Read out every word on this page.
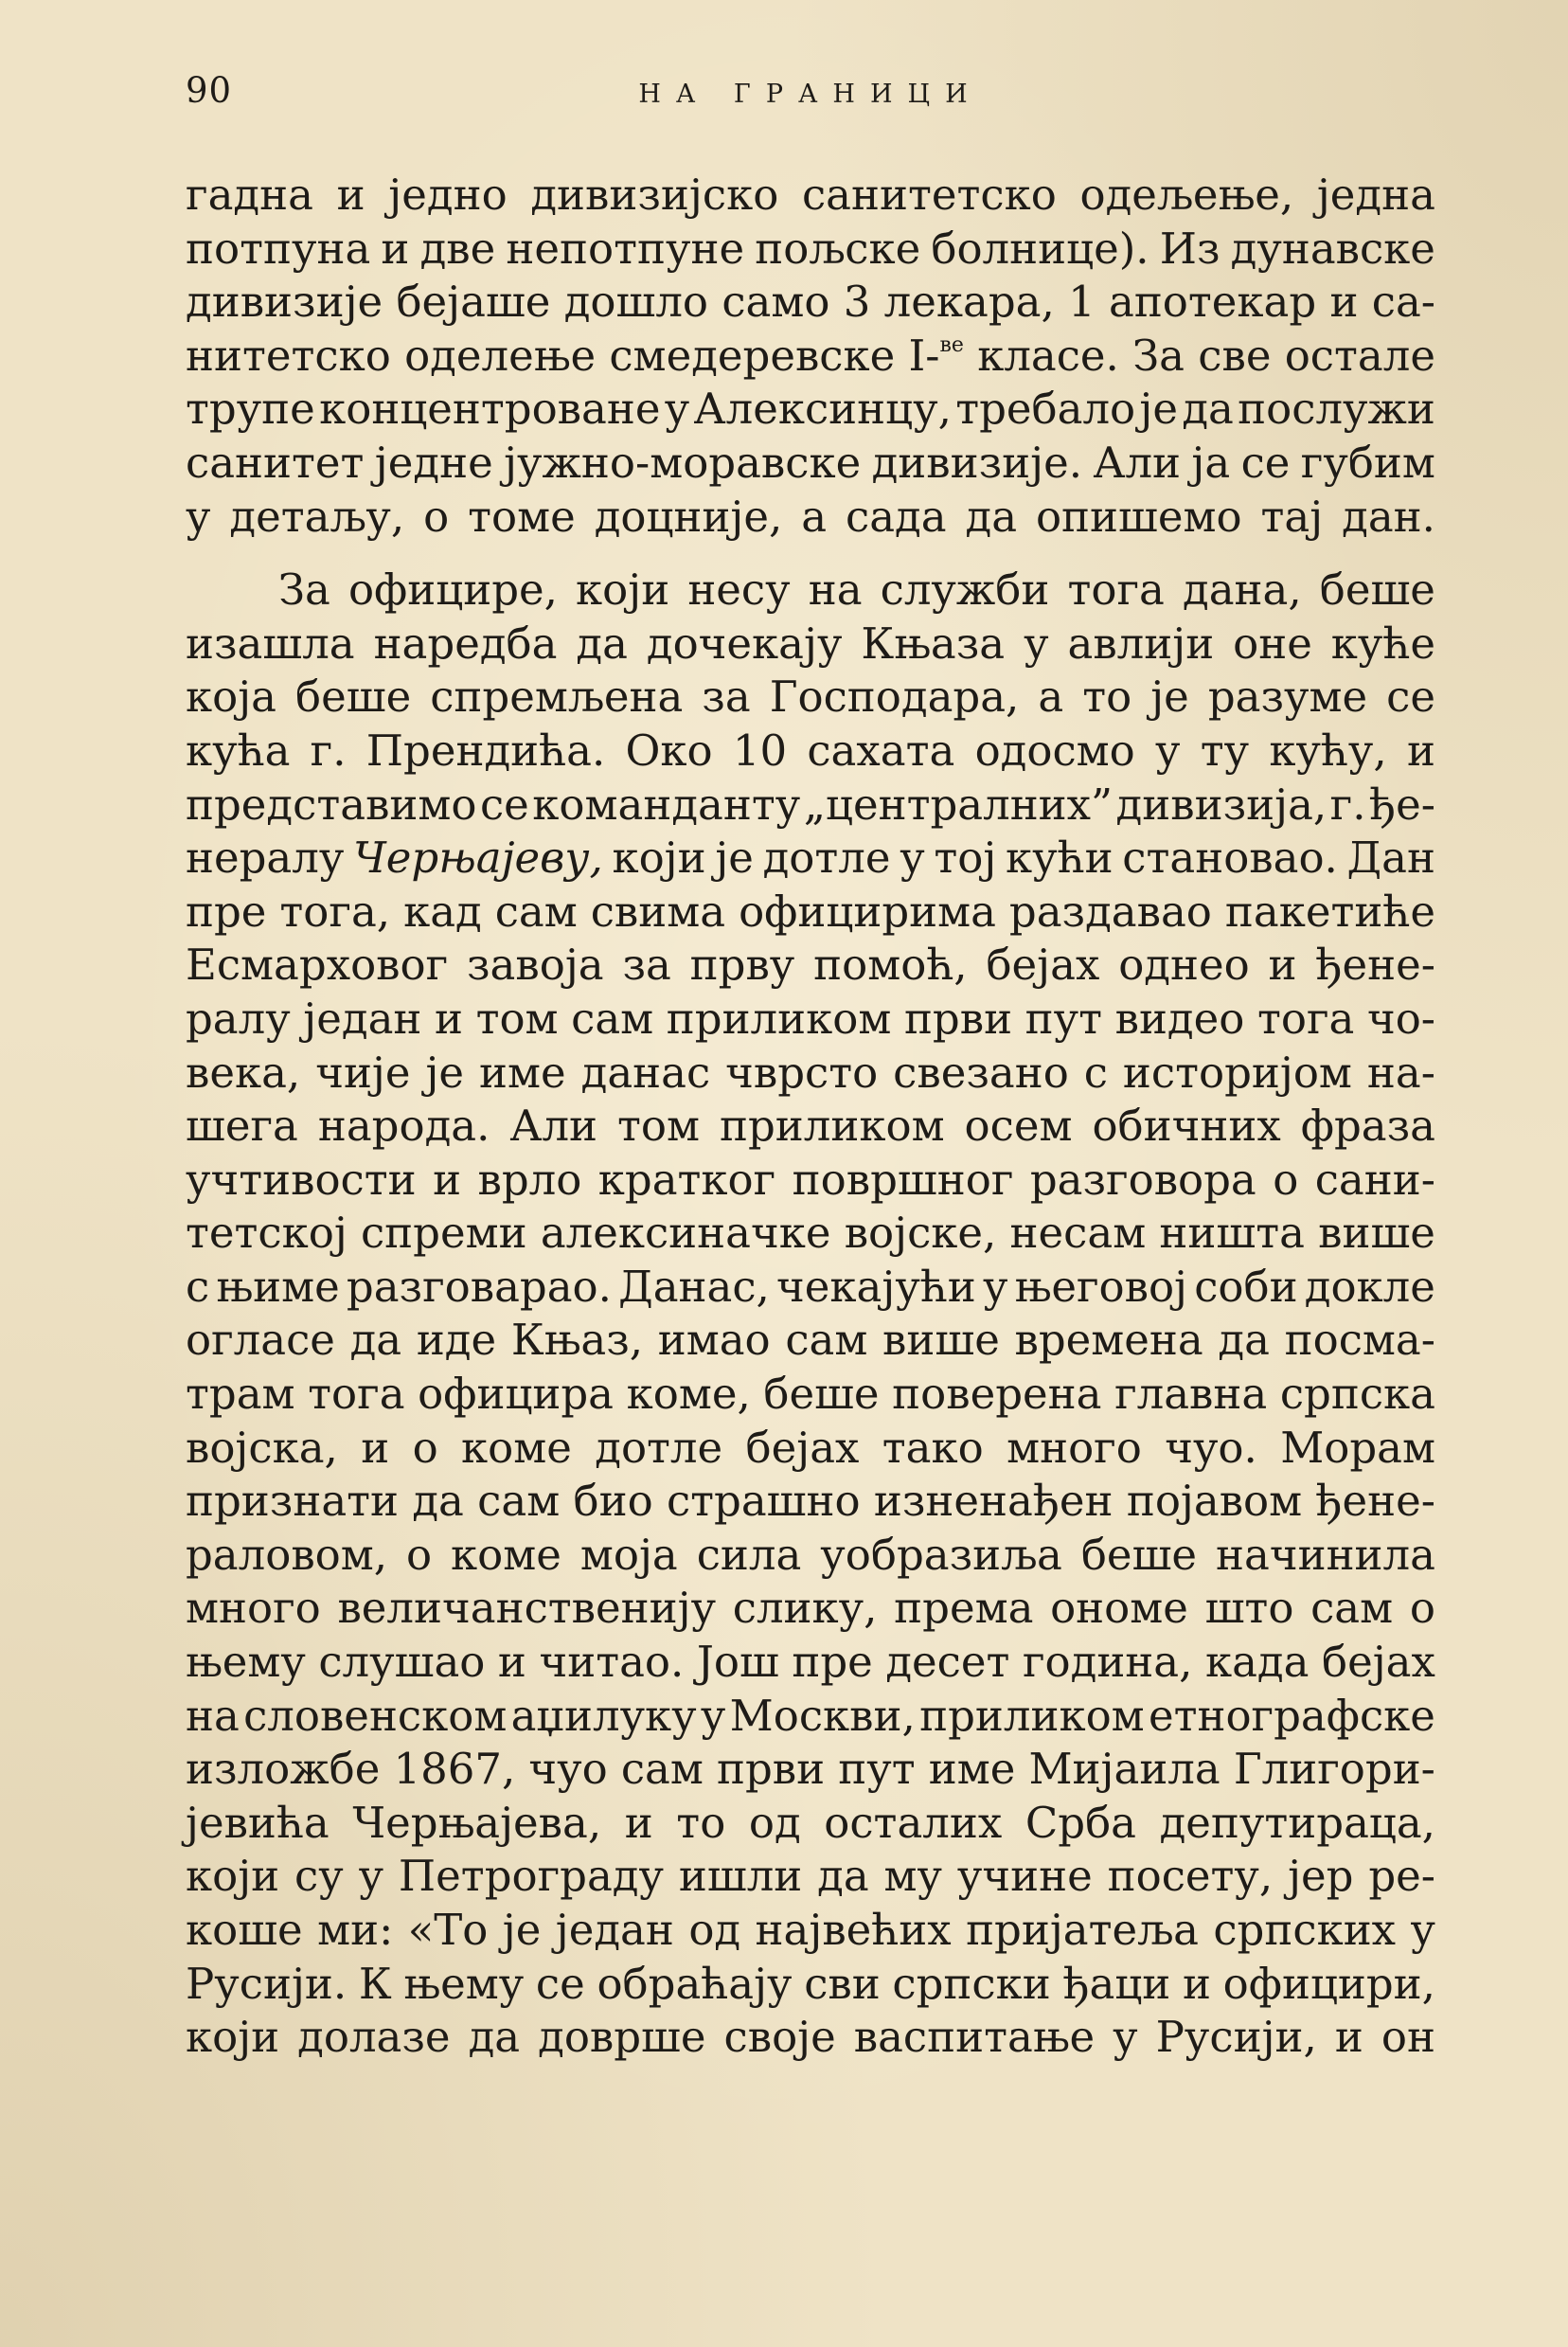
90	НА ГРАНИЦИ
гадна и једно дивизијско санитетско одељење, једна
потпуна и две непотпуне пољске болнице). Из дунавске
дивизије бејаше дошло само 3 лекара, 1 апотекар и са-
нитетско оделење смедеревске I-ве класе. За све остале
трупе концентроване у Алексинцу, требало је да послужи
санитет једне јужно-моравске дивизије. Али ја се губим
у детаљу, о томе доцније, а сада да опишемо тај дан.
За официре, који несу на служби тога дана, беше
изашла наредба да дочекају Књаза у авлији оне куће
која беше спремљена за Господара, а то је разуме се
кућа г. Прендића. Око 10 сахата одосмо у ту кућу, и
представимо се команданту „централних” дивизија, г. ђе-
нералу Черњајеву, који је дотле у тој кући становао. Дан
пре тога, кад сам свима официрима раздавао пакетиће
Есмарховог завоја за прву помоћ, бејах однео и ђене-
ралу један и том сам приликом први пут видео тога чо-
века, чије је име данас чврсто свезано с историјом на-
шега народа. Али том приликом осем обичних фраза
учтивости и врло кратког површног разговора о сани-
тетској спреми алексиначке војске, несам ништа више
с њиме разговарао. Данас, чекајући у његовој соби докле
огласе да иде Књаз, имао сам више времена да посма-
трам тога официра коме, беше поверена главна српска
војска, и о коме дотле бејах тако много чуо. Морам
признати да сам био страшно изненађен појавом ђене-
раловом, о коме моја сила уобразиља беше начинила
много величанственију слику, према ономе што сам о
њему слушао и читао. Још пре десет година, када бејах
на словенском аџилуку у Москви, приликом етнографске
изложбе 1867, чуо сам први пут име Мијаила Глигори-
јевића Черњајева, и то од осталих Срба депутираца,
који су у Петрограду ишли да му учине посету, јер ре-
коше ми: «То је један од највећих пријатеља српских у
Русији. К њему се обраћају сви српски ђаци и официри,
који долазе да доврше своје васпитање у Русији, и он
